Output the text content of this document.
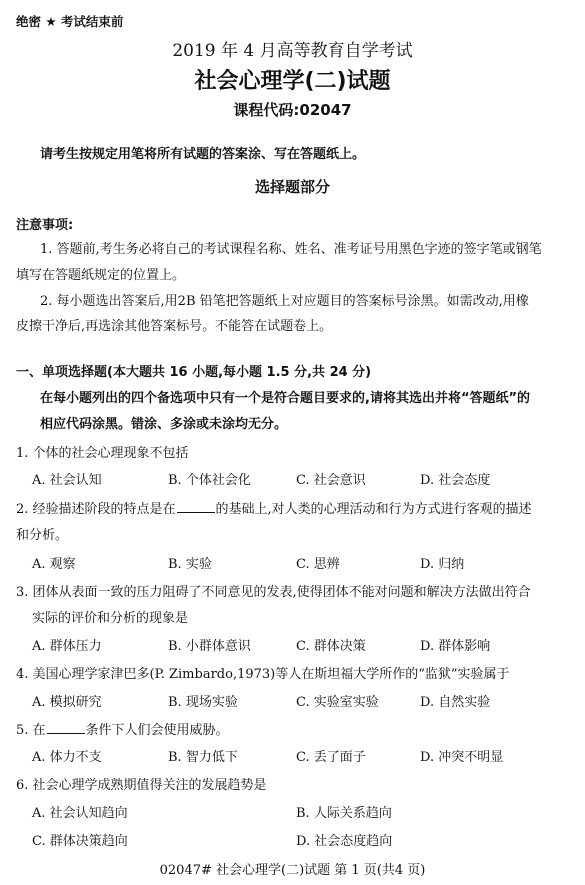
绝密 ★ 考试结束前
2019 年 4 月高等教育自学考试
社会心理学(二)试题
课程代码:02047
请考生按规定用笔将所有试题的答案涂、写在答题纸上。
选择题部分
注意事项:
1. 答题前,考生务必将自己的考试课程名称、姓名、准考证号用黑色字迹的签字笔或钢笔
填写在答题纸规定的位置上。
2. 每小题选出答案后,用2B 铅笔把答题纸上对应题目的答案标号涂黑。如需改动,用橡
皮擦干净后,再选涂其他答案标号。不能答在试题卷上。
一、单项选择题(本大题共 16 小题,每小题 1.5 分,共 24 分)
在每小题列出的四个备选项中只有一个是符合题目要求的,请将其选出并将“答题纸”的
相应代码涂黑。错涂、多涂或未涂均无分。
1. 个体的社会心理现象不包括
A. 社会认知	B. 个体社会化	C. 社会意识	D. 社会态度
2. 经验描述阶段的特点是在	的基础上,对人类的心理活动和行为方式进行客观的描述
和分析。
A. 观察	B. 实验	C. 思辨	D. 归纳
3. 团体从表面一致的压力阻碍了不同意见的发表,使得团体不能对问题和解决方法做出符合
实际的评价和分析的现象是
A. 群体压力	B. 小群体意识	C. 群体决策	D. 群体影响
4. 美国心理学家津巴多(P. Zimbardo,1973)等人在斯坦福大学所作的“监狱”实验属于
A. 模拟研究	B. 现场实验	C. 实验室实验	D. 自然实验
5. 在	条件下人们会使用威胁。
A. 体力不支	B. 智力低下	C. 丢了面子	D. 冲突不明显
6. 社会心理学成熟期值得关注的发展趋势是
A. 社会认知趋向	B. 人际关系趋向
C. 群体决策趋向	D. 社会态度趋向
02047# 社会心理学(二)试题 第 1 页(共4 页)
